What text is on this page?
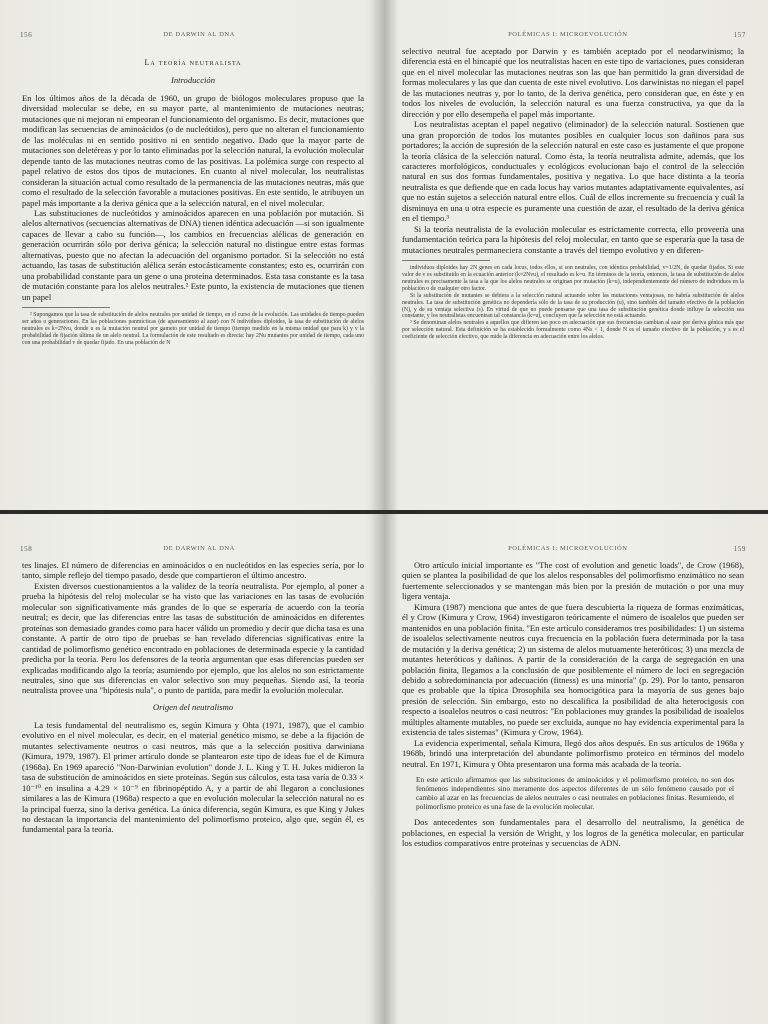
156	DE DARWIN AL DNA
La teoría neutralista
Introducción

En los últimos años de la década de 1960, un grupo de biólogos moleculares propuso que la diversidad molecular se debe, en su mayor parte, al mantenimiento de mutaciones neutras; mutaciones que ni mejoran ni empeoran el funcionamiento del organismo. Es decir, mutaciones que modifican las secuencias de aminoácidos (o de nucleótidos), pero que no alteran el funcionamiento de las moléculas ni en sentido positivo ni en sentido negativo. Dado que la mayor parte de mutaciones son deletéreas y por lo tanto eliminadas por la selección natural, la evolución molecular depende tanto de las mutaciones neutras como de las positivas. La polémica surge con respecto al papel relativo de estos dos tipos de mutaciones. En cuanto al nivel molecular, los neutralistas consideran la situación actual como resultado de la permanencia de las mutaciones neutras, más que como el resultado de la selección favorable a mutaciones positivas. En este sentido, le atribuyen un papel más importante a la deriva génica que a la selección natural, en el nivel molecular.

Las substituciones de nucleótidos y aminoácidos aparecen en una población por mutación. Si alelos alternativos (secuencias alternativas de DNA) tienen idéntica adecuación —si son igualmente capaces de llevar a cabo su función—, los cambios en frecuencias alélicas de generación en generación ocurrirán sólo por deriva génica; la selección natural no distingue entre estas formas alternativas, puesto que no afectan la adecuación del organismo portador. Si la selección no está actuando, las tasas de substitución alélica serán estocásticamente constantes; esto es, ocurrirán con una probabilidad constante para un gene o una proteína determinados. Esta tasa constante es la tasa de mutación constante para los alelos neutrales.² Este punto, la existencia de mutaciones que tienen un papel

² Supongamos que la tasa de substitución de alelos neutrales por unidad de tiempo, en el curso de la evolución. Las unidades de tiempo pueden ser años o generaciones. En las poblaciones panmícticas (de apareamiento al azar) con N individuos diploides, la tasa de substitución de alelos neutrales es k=2Nvu, donde u es la mutación neutral por gameto por unidad de tiempo (tiempo medido en la misma unidad que para k) y v la probabilidad de fijación última de un alelo neutral. La formulación de este resultado es directa: hay 2Nu mutantes por unidad de tiempo, cada uno con una probabilidad v de quedar fijado. En una población de N

POLÉMICAS I: MICROEVOLUCIÓN	157

selectivo neutral fue aceptado por Darwin y es también aceptado por el neodarwinismo; la diferencia está en el hincapié que los neutralistas hacen en este tipo de variaciones, pues consideran que en el nivel molecular las mutaciones neutras son las que han permitido la gran diversidad de formas moleculares y las que dan cuenta de este nivel evolutivo. Los darwinistas no niegan el papel de las mutaciones neutras y, por lo tanto, de la deriva genética, pero consideran que, en éste y en todos los niveles de evolución, la selección natural es una fuerza constructiva, ya que da la dirección y por ello desempeña el papel más importante.

Los neutralistas aceptan el papel negativo (eliminador) de la selección natural. Sostienen que una gran proporción de todos los mutantes posibles en cualquier locus son dañinos para sus portadores; la acción de supresión de la selección natural en este caso es justamente el que propone la teoría clásica de la selección natural. Como ésta, la teoría neutralista admite, además, que los caracteres morfológicos, conductuales y ecológicos evolucionan bajo el control de la selección natural en sus dos formas fundamentales, positiva y negativa. Lo que hace distinta a la teoría neutralista es que defiende que en cada locus hay varios mutantes adaptativamente equivalentes, así que no están sujetos a selección natural entre ellos. Cuál de ellos incremente su frecuencia y cuál la disminuya en una u otra especie es puramente una cuestión de azar, el resultado de la deriva génica en el tiempo.³

Si la teoría neutralista de la evolución molecular es estrictamente correcta, ello proveería una fundamentación teórica para la hipótesis del reloj molecular, en tanto que se esperaría que la tasa de mutaciones neutrales permaneciera constante a través del tiempo evolutivo y en diferen-

individuos diploides hay 2N genes en cada locus, todos ellos, si son neutrales, con idéntica probabilidad, v=1/2N, de quedar fijados. Si este valor de v es substituido en la ecuación anterior (k=2Nvu), el resultado es k=u. En términos de la teoría, entonces, la tasa de substitución de alelos neutrales es precisamente la tasa a la que los alelos neutrales se originan por mutación (k=u), independientemente del número de individuos en la población o de cualquier otro factor.

Si la substitución de mutantes se debiera a la selección natural actuando sobre las mutaciones ventajosas, no habría substitución de alelos neutrales. La tasa de substitución genética no dependería sólo de la tasa de su producción (u), sino también del tamaño efectivo de la población (N), y de su ventaja selectiva (s). En virtud de que no puede pensarse que una tasa de substitución genética donde influye la selección sea constante, y los neutralistas encuentran tal constancia (k=u), concluyen que la selección no está actuando.

³ Se denominan alelos neutrales a aquellos que difieren tan poco en adecuación que sus frecuencias cambian al azar por deriva génica más que por selección natural. Esta definición se ha establecido formalmente como 4Ns < 1, donde N es el tamaño efectivo de la población, y s es el coeficiente de selección efectivo, que mide la diferencia en adecuación entre los alelos.

158	DE DARWIN AL DNA

tes linajes. El número de diferencias en aminoácidos o en nucleótidos en las especies sería, por lo tanto, simple reflejo del tiempo pasado, desde que compartieron el último ancestro.

Existen diversos cuestionamientos a la validez de la teoría neutralista. Por ejemplo, al poner a prueba la hipótesis del reloj molecular se ha visto que las variaciones en las tasas de evolución molecular son significativamente más grandes de lo que se esperaría de acuerdo con la teoría neutral; es decir, que las diferencias entre las tasas de substitución de aminoácidos en diferentes proteínas son demasiado grandes como para hacer válido un promedio y decir que dicha tasa es una constante. A partir de otro tipo de pruebas se han revelado diferencias significativas entre la cantidad de polimorfismo genético encontrado en poblaciones de determinada especie y la cantidad predicha por la teoría. Pero los defensores de la teoría argumentan que esas diferencias pueden ser explicadas modificando algo la teoría; asumiendo por ejemplo, que los alelos no son estrictamente neutrales, sino que sus diferencias en valor selectivo son muy pequeñas. Siendo así, la teoría neutralista provee una "hipótesis nula", o punto de partida, para medir la evolución molecular.

Origen del neutralismo

La tesis fundamental del neutralismo es, según Kimura y Ohta (1971, 1987), que el cambio evolutivo en el nivel molecular, es decir, en el material genético mismo, se debe a la fijación de mutantes selectivamente neutros o casi neutros, más que a la selección positiva darwiniana (Kimura, 1979, 1987). El primer artículo donde se plantearon este tipo de ideas fue el de Kimura (1968a). En 1969 apareció "Non-Darwinian evolution" donde J. L. King y T. H. Jukes midieron la tasa de substitución de aminoácidos en siete proteínas. Según sus cálculos, esta tasa varía de 0.33 × 10⁻¹⁰ en insulina a 4.29 × 10⁻⁹ en fibrinopéptido A, y a partir de ahí llegaron a conclusiones similares a las de Kimura (1968a) respecto a que en evolución molecular la selección natural no es la principal fuerza, sino la deriva genética. La única diferencia, según Kimura, es que King y Jukes no destacan la importancia del mantenimiento del polimorfismo proteico, algo que, según él, es fundamental para la teoría.

POLÉMICAS I: MICROEVOLUCIÓN	159

Otro artículo inicial importante es "The cost of evolution and genetic loads", de Crow (1968), quien se plantea la posibilidad de que los alelos responsables del polimorfismo enzimático no sean fuertemente seleccionados y se mantengan más bien por la presión de mutación o por una muy ligera ventaja.

Kimura (1987) menciona que antes de que fuera descubierta la riqueza de formas enzimáticas, él y Crow (Kimura y Crow, 1964) investigaron teóricamente el número de isoalelos que pueden ser mantenidos en una población finita. "En este artículo consideramos tres posibilidades: 1) un sistema de isoalelos selectivamente neutros cuya frecuencia en la población fuera determinada por la tasa de mutación y la deriva genética; 2) un sistema de alelos mutuamente heteróticos; 3) una mezcla de mutantes heteróticos y dañinos. A partir de la consideración de la carga de segregación en una población finita, llegamos a la conclusión de que posiblemente el número de loci en segregación debido a sobredominancia por adecuación (fitness) es una minoría" (p. 29). Por lo tanto, pensaron que es probable que la típica Drosophila sea homocigótica para la mayoría de sus genes bajo presión de selección. Sin embargo, esto no descalifica la posibilidad de alta heterocigosis con respecto a isoalelos neutros o casi neutros: "En poblaciones muy grandes la posibilidad de isoalelos múltiples altamente mutables, no puede ser excluida, aunque no hay evidencia experimental para la existencia de tales sistemas" (Kimura y Crow, 1964).

La evidencia experimental, señala Kimura, llegó dos años después. En sus artículos de 1968a y 1968b, brindó una interpretación del abundante polimorfismo proteico en términos del modelo neutral. En 1971, Kimura y Ohta presentaron una forma más acabada de la teoría.

En este artículo afirmamos que las substituciones de aminoácidos y el polimorfismo proteico, no son dos fenómenos independientes sino meramente dos aspectos diferentes de un sólo fenómeno causado por el cambio al azar en las frecuencias de alelos neutrales o casi neutrales en poblaciones finitas. Resumiendo, el polimorfismo proteico es una fase de la evolución molecular.

Dos antecedentes son fundamentales para el desarrollo del neutralismo, la genética de poblaciones, en especial la versión de Wright, y los logros de la genética molecular, en particular los estudios comparativos entre proteínas y secuencias de ADN.
